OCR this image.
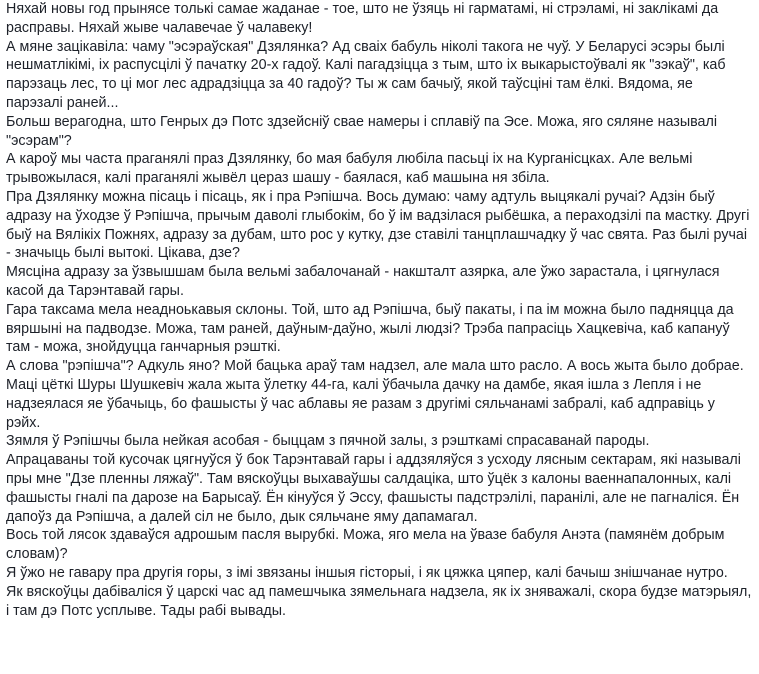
Няхай новы год прынясе толькі самае жаданае - тое, што не ўзяць ні гарматамі, ні стрэламі, ні заклікамі да расправы. Няхай жыве чалавечае ў чалавеку!

А мяне зацікавіла: чаму "эсэраўская" Дзялянка? Ад сваіх бабуль ніколі такога не чуў. У Беларусі эсэры былі нешматлікімі, іх распусцілі ў пачатку 20-х гадоў. Калі пагадзіцца з тым, што іх выкарыстоўвалі як "зэкаў", каб парэзаць лес, то ці мог лес адрадзіцца за 40 гадоў? Ты ж сам бачыў, якой таўсціні там ёлкі. Вядома, яе парэзалі раней...

Больш верагодна, што Генрых дэ Потс здзейсніў свае намеры і сплавіў па Эсе. Можа, яго сяляне называлі "эсэрам"?

А кароў мы часта праганялі праз Дзялянку, бо мая бабуля любіла пасьці іх на Курганісцках. Але вельмі трывожылася, калі праганялі жывёл цераз шашу - баялася, каб машына ня збіла.

Пра Дзялянку можна пісаць і пісаць, як і пра Рэпішча. Вось думаю: чаму адтуль выцякалі ручаі? Адзін быў адразу на ўходзе ў Рэпішча, прычым даволі глыбокім, бо ў ім вадзілася рыбёшка, а пераходзілі па мастку. Другі быў на Вялікіх Пожнях, адразу за дубам, што рос у кутку, дзе ставілі танцплашчадку ў час свята. Раз былі ручаі - значыць былі вытокі. Цікава, дзе?

Мясціна адразу за ўзвышшам была вельмі забалочанай - накшталт азярка, але ўжо зарастала, і цягнулася касой да Тарэнтавай гары.

Гара таксама мела неадноькавыя склоны. Той, што ад Рэпішча, быў пакаты, і па ім можна было падняцца да вяршыні на падводзе. Можа, там раней, даўным-даўно, жылі людзі? Трэба папрасіць Хацкевіча, каб капануў там - можа, знойдуцца ганчарныя рэшткі.

А слова "рэпішча"? Адкуль яно? Мой бацька араў там надзел, але мала што расло. А вось жыта было добрае. Маці цёткі Шуры Шушкевіч жала жыта ўлетку 44-га, калі ўбачыла дачку на дамбе, якая ішла з Лепля і не надзеялася яе ўбачыць, бо фашысты ў час аблавы яе разам з другімі сяльчанамі забралі, каб адправіць у рэйх.

Зямля ў Рэпішчы была нейкая асобая - быццам з пячной залы, з рэшткамі спрасаванай пароды.

Апрацаваны той кусочак цягнуўся ў бок Тарэнтавай гары і аддзяляўся з усходу лясным сектарам, які называлі пры мне "Дзе пленны ляжаў". Там вяскоўцы выхаваўшы салдаціка, што ўцёк з калоны ваеннапалонных, калі фашысты гналі па дарозе на Барысаў. Ён кінуўся ў Эссу, фашысты падстрэлілі, паранілі, але не пагналіся. Ён дапоўз да Рэпішча, а далей сіл не было, дык сяльчане яму дапамагал.

Вось той лясок здаваўся адрошым пасля вырубкі. Можа, яго мела на ўвазе бабуля Анэта (памянём добрым словам)?

Я ўжо не гавару пра другія горы, з імі звязаны іншыя гісторыі, і як цяжка цяпер, калі бачыш знішчанае нутро.

Як вяскоўцы дабіваліся ў царскі час ад памешчыка зямельнага надзела, як іх зняважалі, скора будзе матэрыял, і там дэ Потс усплыве. Тады рабі вывады.
